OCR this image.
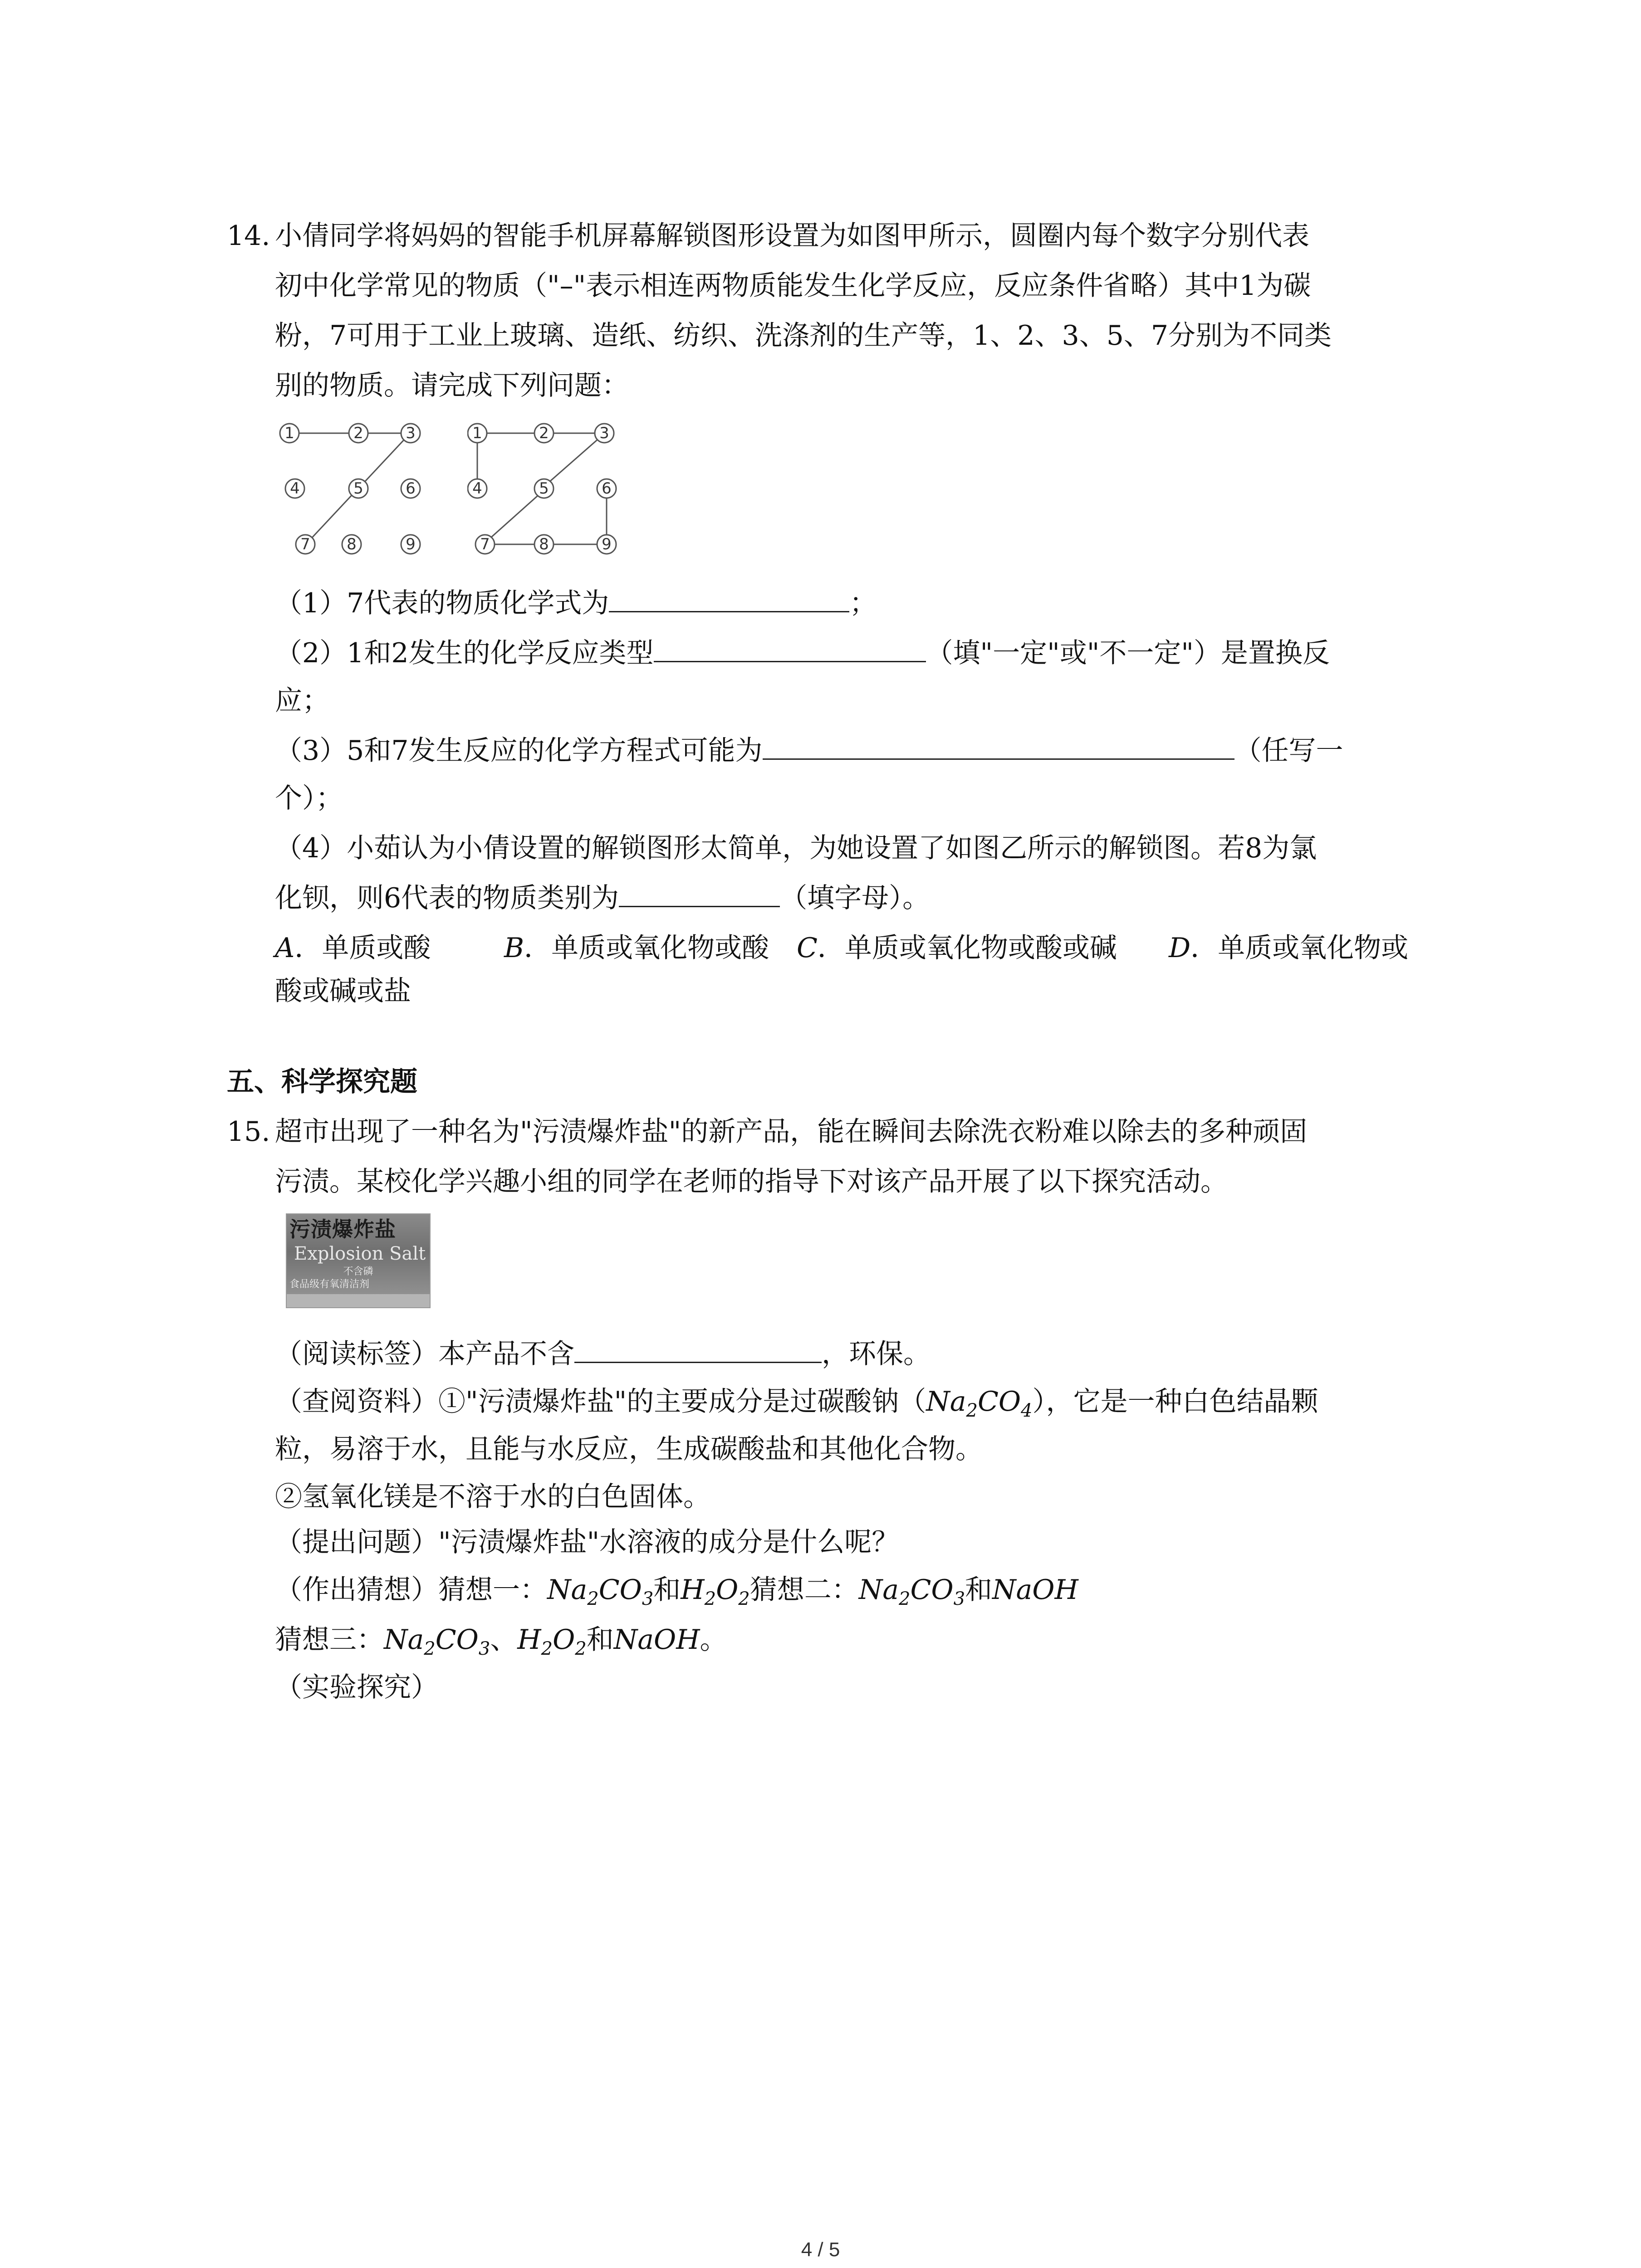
14. 小倩同学将妈妈的智能手机屏幕解锁图形设置为如图甲所示，圆圈内每个数字分别代表
初中化学常见的物质（"–"表示相连两物质能发生化学反应，反应条件省略）其中1为碳
粉，7可用于工业上玻璃、造纸、纺织、洗涤剂的生产等，1、2、3、5、7分别为不同类
别的物质。请完成下列问题：
1	2	3
4	5	6
7 8	9
1	2	3
4	5	6
7	8	9
（1）7代表的物质化学式为	；
（2）1和2发生的化学反应类型	（填"一定"或"不一定"）是置换反
应；
（3）5和7发生反应的化学方程式可能为	（任写一
个）；
（4）小茹认为小倩设置的解锁图形太简单，为她设置了如图乙所示的解锁图。若8为氯
化钡，则6代表的物质类别为	（填字母）。
A．单质或酸	B．单质或氧化物或酸 C．单质或氧化物或酸或碱 D．单质或氧化物或
酸或碱或盐
五、科学探究题
15. 超市出现了一种名为"污渍爆炸盐"的新产品，能在瞬间去除洗衣粉难以除去的多种顽固
污渍。某校化学兴趣小组的同学在老师的指导下对该产品开展了以下探究活动。
污渍爆炸盐
Explosion Salt
不含磷
食品级有氧清洁剂
（阅读标签）本产品不含	，环保。
（查阅资料）①"污渍爆炸盐"的主要成分是过碳酸钠$(Na_2CO_4)$，它是一种白色结晶颗
粒，易溶于水，且能与水反应，生成碳酸盐和其他化合物。
②氢氧化镁是不溶于水的白色固体。
（提出问题）"污渍爆炸盐"水溶液的成分是什么呢？
（作出猜想）猜想一：$Na_2CO_3$和$H_2O_2$猜想二：$Na_2CO_3$和NaOH
猜想三：$Na_2CO_3$、$H_2O_2$和NaOH。
（实验探究）
4 / 5
